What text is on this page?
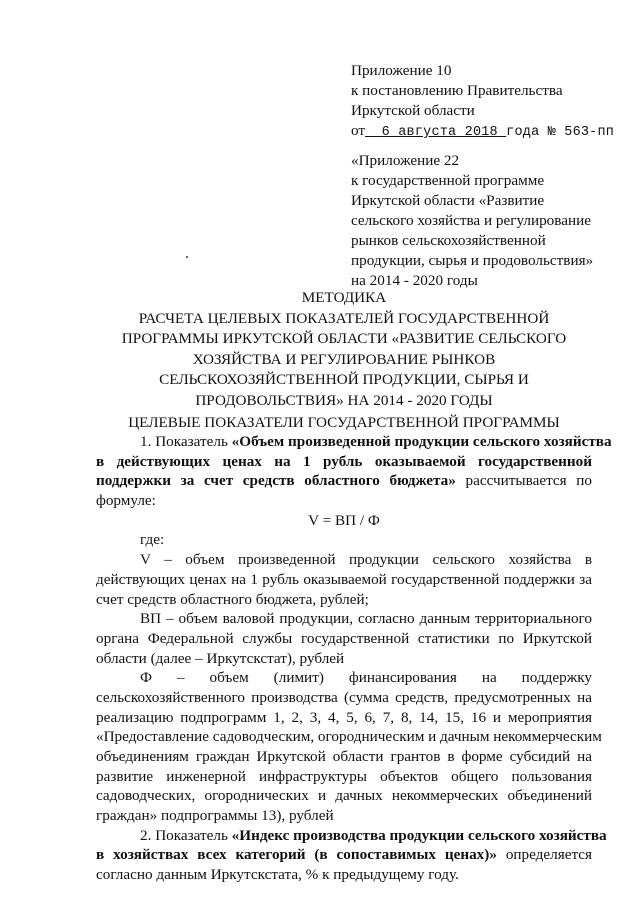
Приложение 10
к постановлению Правительства
Иркутской области
от 6 августа 2018 года № 563-пп
«Приложение 22
к государственной программе
Иркутской области «Развитие
сельского хозяйства и регулирование
рынков сельскохозяйственной
продукции, сырья и продовольствия»
на 2014 - 2020 годы
МЕТОДИКА
РАСЧЕТА ЦЕЛЕВЫХ ПОКАЗАТЕЛЕЙ ГОСУДАРСТВЕННОЙ
ПРОГРАММЫ ИРКУТСКОЙ ОБЛАСТИ «РАЗВИТИЕ СЕЛЬСКОГО
ХОЗЯЙСТВА И РЕГУЛИРОВАНИЕ РЫНКОВ
СЕЛЬСКОХОЗЯЙСТВЕННОЙ ПРОДУКЦИИ, СЫРЬЯ И
ПРОДОВОЛЬСТВИЯ» НА 2014 - 2020 ГОДЫ
ЦЕЛЕВЫЕ ПОКАЗАТЕЛИ ГОСУДАРСТВЕННОЙ ПРОГРАММЫ
1. Показатель «Объем произведенной продукции сельского хозяйства
в действующих ценах на 1 рубль оказываемой государственной
поддержки за счет средств областного бюджета» рассчитывается по
формуле:
V = ВП / Ф
где:
V – объем произведенной продукции сельского хозяйства в
действующих ценах на 1 рубль оказываемой государственной поддержки за
счет средств областного бюджета, рублей;
ВП – объем валовой продукции, согласно данным территориального
органа Федеральной службы государственной статистики по Иркутской
области (далее – Иркутскстат), рублей
Ф – объем (лимит) финансирования на поддержку
сельскохозяйственного производства (сумма средств, предусмотренных на
реализацию подпрограмм 1, 2, 3, 4, 5, 6, 7, 8, 14, 15, 16 и мероприятия
«Предоставление садоводческим, огородническим и дачным некоммерческим
объединениям граждан Иркутской области грантов в форме субсидий на
развитие инженерной инфраструктуры объектов общего пользования
садоводческих, огороднических и дачных некоммерческих объединений
граждан» подпрограммы 13), рублей
2. Показатель «Индекс производства продукции сельского хозяйства
в хозяйствах всех категорий (в сопоставимых ценах)» определяется
согласно данным Иркутскстата, % к предыдущему году.
